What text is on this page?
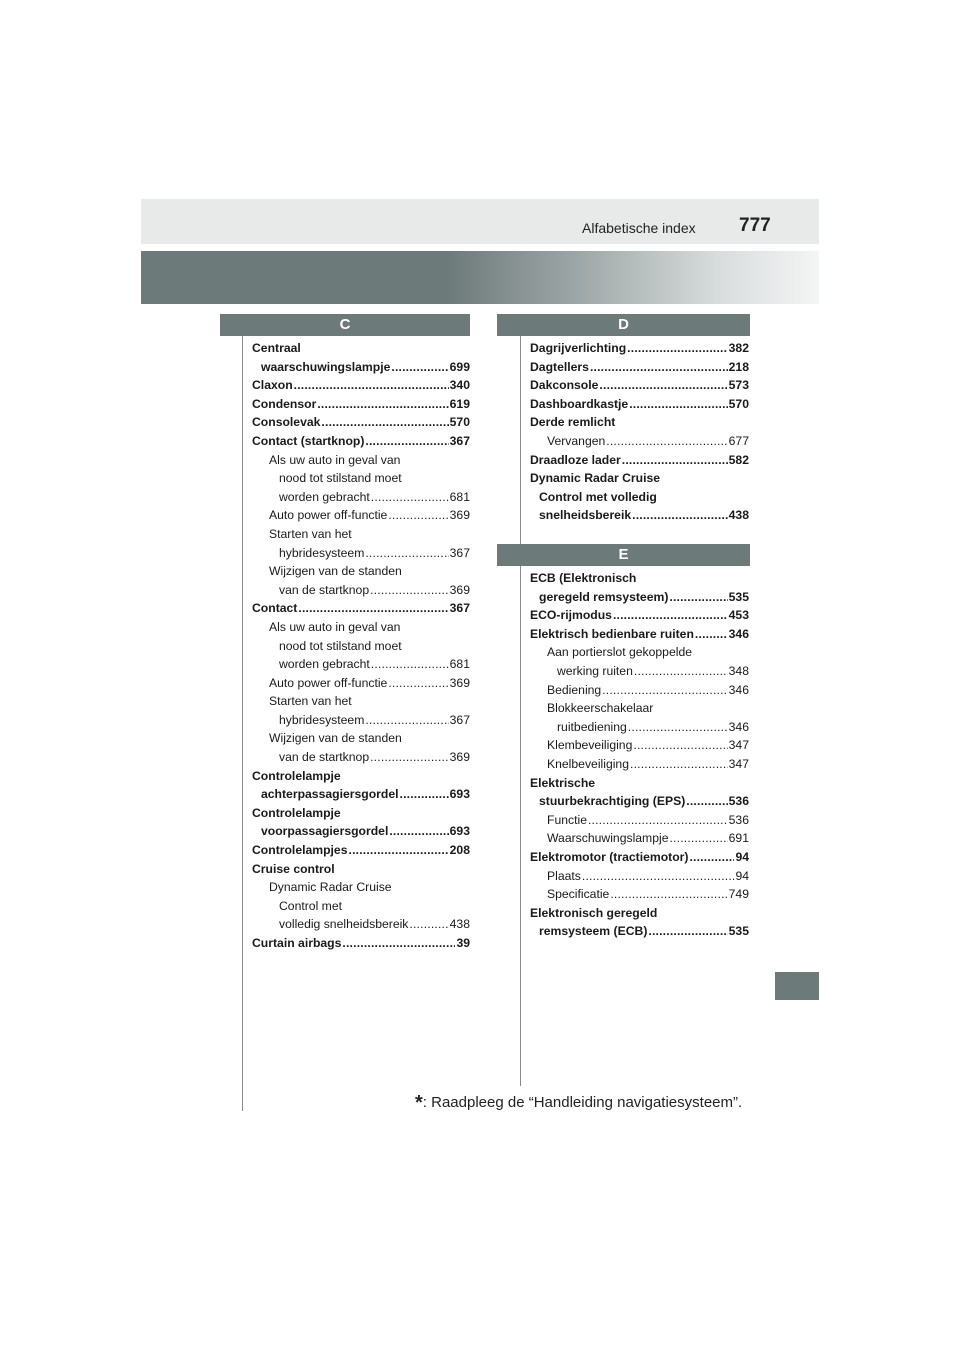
Alfabetische index 777
C
Centraal
waarschuwingslampje . . .	699
Claxon . . .	340
Condensor . . .	619
Consolevak . . .	570
Contact (startknop) . . .	367
Als uw auto in geval van
nood tot stilstand moet
worden gebracht . . .	681
Auto power off-functie . . .	369
Starten van het
hybridesysteem . . .	367
Wijzigen van de standen
van de startknop . . .	369
Contact . . .	367
Als uw auto in geval van
nood tot stilstand moet
worden gebracht . . .	681
Auto power off-functie . . .	369
Starten van het
hybridesysteem . . .	367
Wijzigen van de standen
van de startknop . . .	369
Controlelampje
achterpassagiersgordel . . .	693
Controlelampje
voorpassagiersgordel . . .	693
Controlelampjes . . .	208
Cruise control
Dynamic Radar Cruise
Control met
volledig snelheidsbereik . . .	438
Curtain airbags . . .	39
D
Dagrijverlichting . . .	382
Dagtellers . . .	218
Dakconsole . . .	573
Dashboardkastje . . .	570
Derde remlicht
Vervangen . . .	677
Draadloze lader . . .	582
Dynamic Radar Cruise
Control met volledig
snelheidsbereik . . .	438
E
ECB (Elektronisch
geregeld remsysteem) . . .	535
ECO-rijmodus . . .	453
Elektrisch bedienbare ruiten . . .	346
Aan portierslot gekoppelde
werking ruiten . . .	348
Bediening . . .	346
Blokkeerschakelaar
ruitbediening . . .	346
Klembeveiliging . . .	347
Knelbeveiliging . . .	347
Elektrische
stuurbekrachtiging (EPS) . . .	536
Functie . . .	536
Waarschuwingslampje . . .	691
Elektromotor (tractiemotor) . . .	94
Plaats . . .	94
Specificatie . . .	749
Elektronisch geregeld
remsysteem (ECB) . . .	535
*: Raadpleeg de “Handleiding navigatiesysteem”.
